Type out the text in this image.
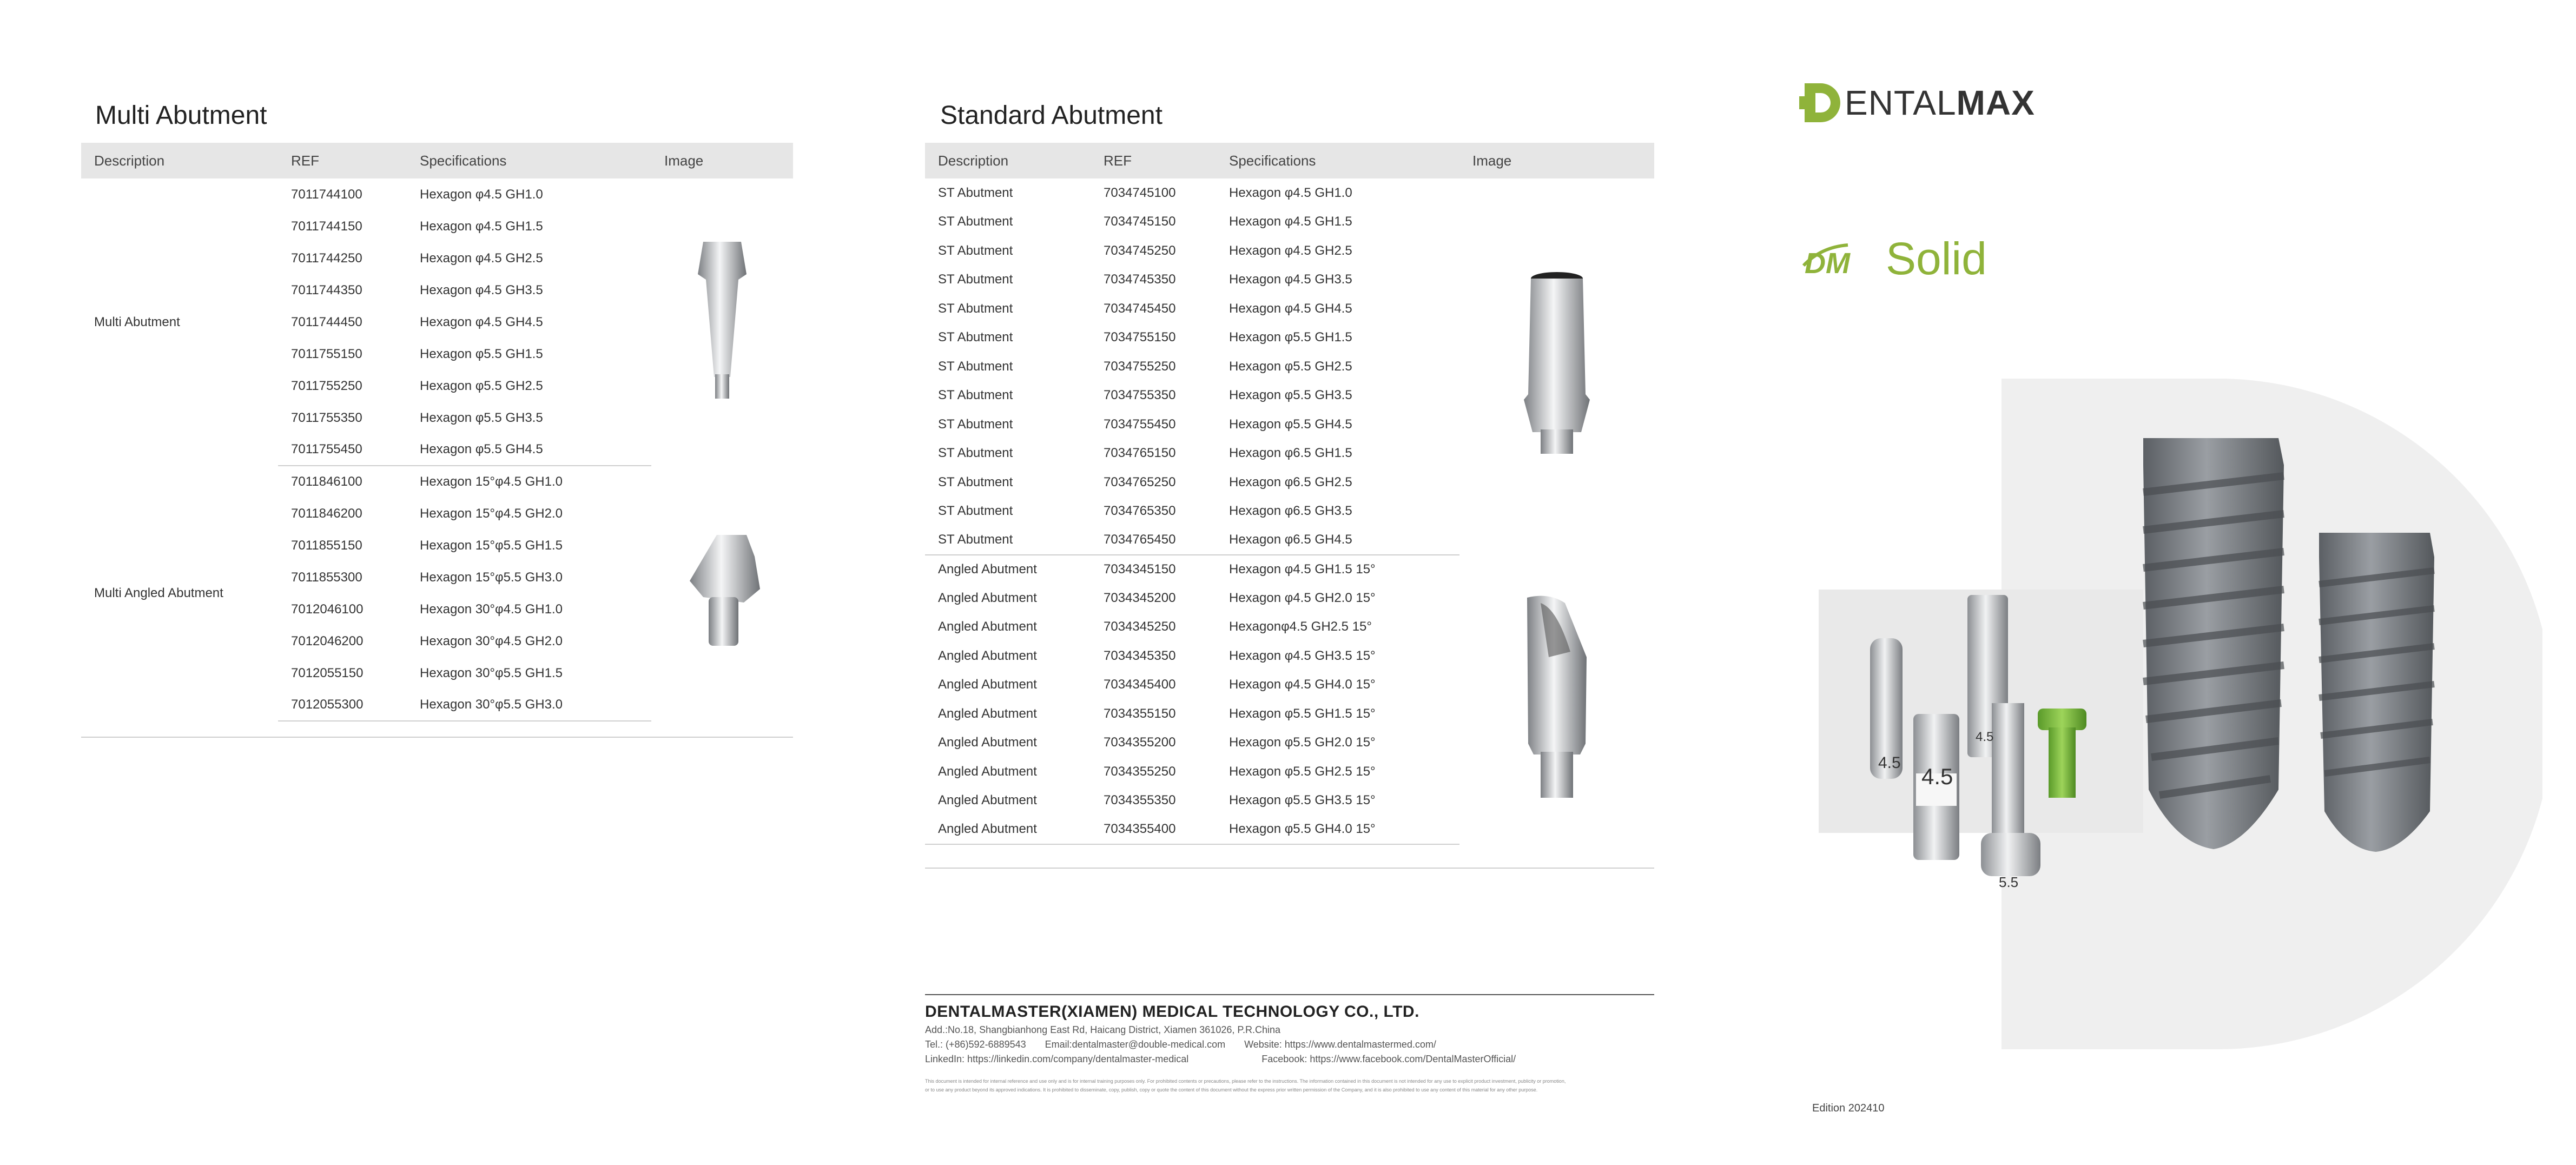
Multi Abutment
Description	REF	Specifications	Image
Multi Abutment	7011744100	Hexagon φ4.5 GH1.0	
	7011744150	Hexagon φ4.5 GH1.5	
	7011744250	Hexagon φ4.5 GH2.5	
	7011744350	Hexagon φ4.5 GH3.5	
	7011744450	Hexagon φ4.5 GH4.5	
	7011755150	Hexagon φ5.5 GH1.5	
	7011755250	Hexagon φ5.5 GH2.5	
	7011755350	Hexagon φ5.5 GH3.5	
	7011755450	Hexagon φ5.5 GH4.5	
Multi Angled Abutment	7011846100	Hexagon 15°φ4.5 GH1.0	
	7011846200	Hexagon 15°φ4.5 GH2.0	
	7011855150	Hexagon 15°φ5.5 GH1.5	
	7011855300	Hexagon 15°φ5.5 GH3.0	
	7012046100	Hexagon 30°φ4.5 GH1.0	
	7012046200	Hexagon 30°φ4.5 GH2.0	
	7012055150	Hexagon 30°φ5.5 GH1.5	
	7012055300	Hexagon 30°φ5.5 GH3.0	

Standard Abutment
Description	REF	Specifications	Image
ST Abutment	7034745100	Hexagon φ4.5 GH1.0	
ST Abutment	7034745150	Hexagon φ4.5 GH1.5	
ST Abutment	7034745250	Hexagon φ4.5 GH2.5	
ST Abutment	7034745350	Hexagon φ4.5 GH3.5	
ST Abutment	7034745450	Hexagon φ4.5 GH4.5	
ST Abutment	7034755150	Hexagon φ5.5 GH1.5	
ST Abutment	7034755250	Hexagon φ5.5 GH2.5	
ST Abutment	7034755350	Hexagon φ5.5 GH3.5	
ST Abutment	7034755450	Hexagon φ5.5 GH4.5	
ST Abutment	7034765150	Hexagon φ6.5 GH1.5	
ST Abutment	7034765250	Hexagon φ6.5 GH2.5	
ST Abutment	7034765350	Hexagon φ6.5 GH3.5	
ST Abutment	7034765450	Hexagon φ6.5 GH4.5	
Angled Abutment	7034345150	Hexagon φ4.5 GH1.5 15°	
Angled Abutment	7034345200	Hexagon φ4.5 GH2.0 15°	
Angled Abutment	7034345250	Hexagonφ4.5 GH2.5 15°	
Angled Abutment	7034345350	Hexagon φ4.5 GH3.5 15°	
Angled Abutment	7034345400	Hexagon φ4.5 GH4.0 15°	
Angled Abutment	7034355150	Hexagon φ5.5 GH1.5 15°	
Angled Abutment	7034355200	Hexagon φ5.5 GH2.0 15°	
Angled Abutment	7034355250	Hexagon φ5.5 GH2.5 15°	
Angled Abutment	7034355350	Hexagon φ5.5 GH3.5 15°	
Angled Abutment	7034355400	Hexagon φ5.5 GH4.0 15°	

DENTALMASTER(XIAMEN) MEDICAL TECHNOLOGY CO., LTD.
Add.:No.18, Shangbianhong East Rd, Haicang District, Xiamen 361026, P.R.China
Tel.: (+86)592-6889543 Email:dentalmaster@double-medical.com Website: https://www.dentalmastermed.com/
LinkedIn: https://linkedin.com/company/dentalmaster-medical	Facebook: https://www.facebook.com/DentalMasterOfficial/
This document is intended for internal reference and use only and is for internal training purposes only. For prohibited contents or precautions, please refer to the instructions. The information contained in this document is not intended for any use to explicit product investment, publicity or promotion,
or to use any product beyond its approved indications. It is prohibited to disseminate, copy, publish, copy or quote the content of this document without the express prior written permission of the Company, and it is also prohibited to use any content of this material for any other purpose.
ENTALMAX
DM Solid
4.5
4.5
4.5
5.5
Edition 202410
